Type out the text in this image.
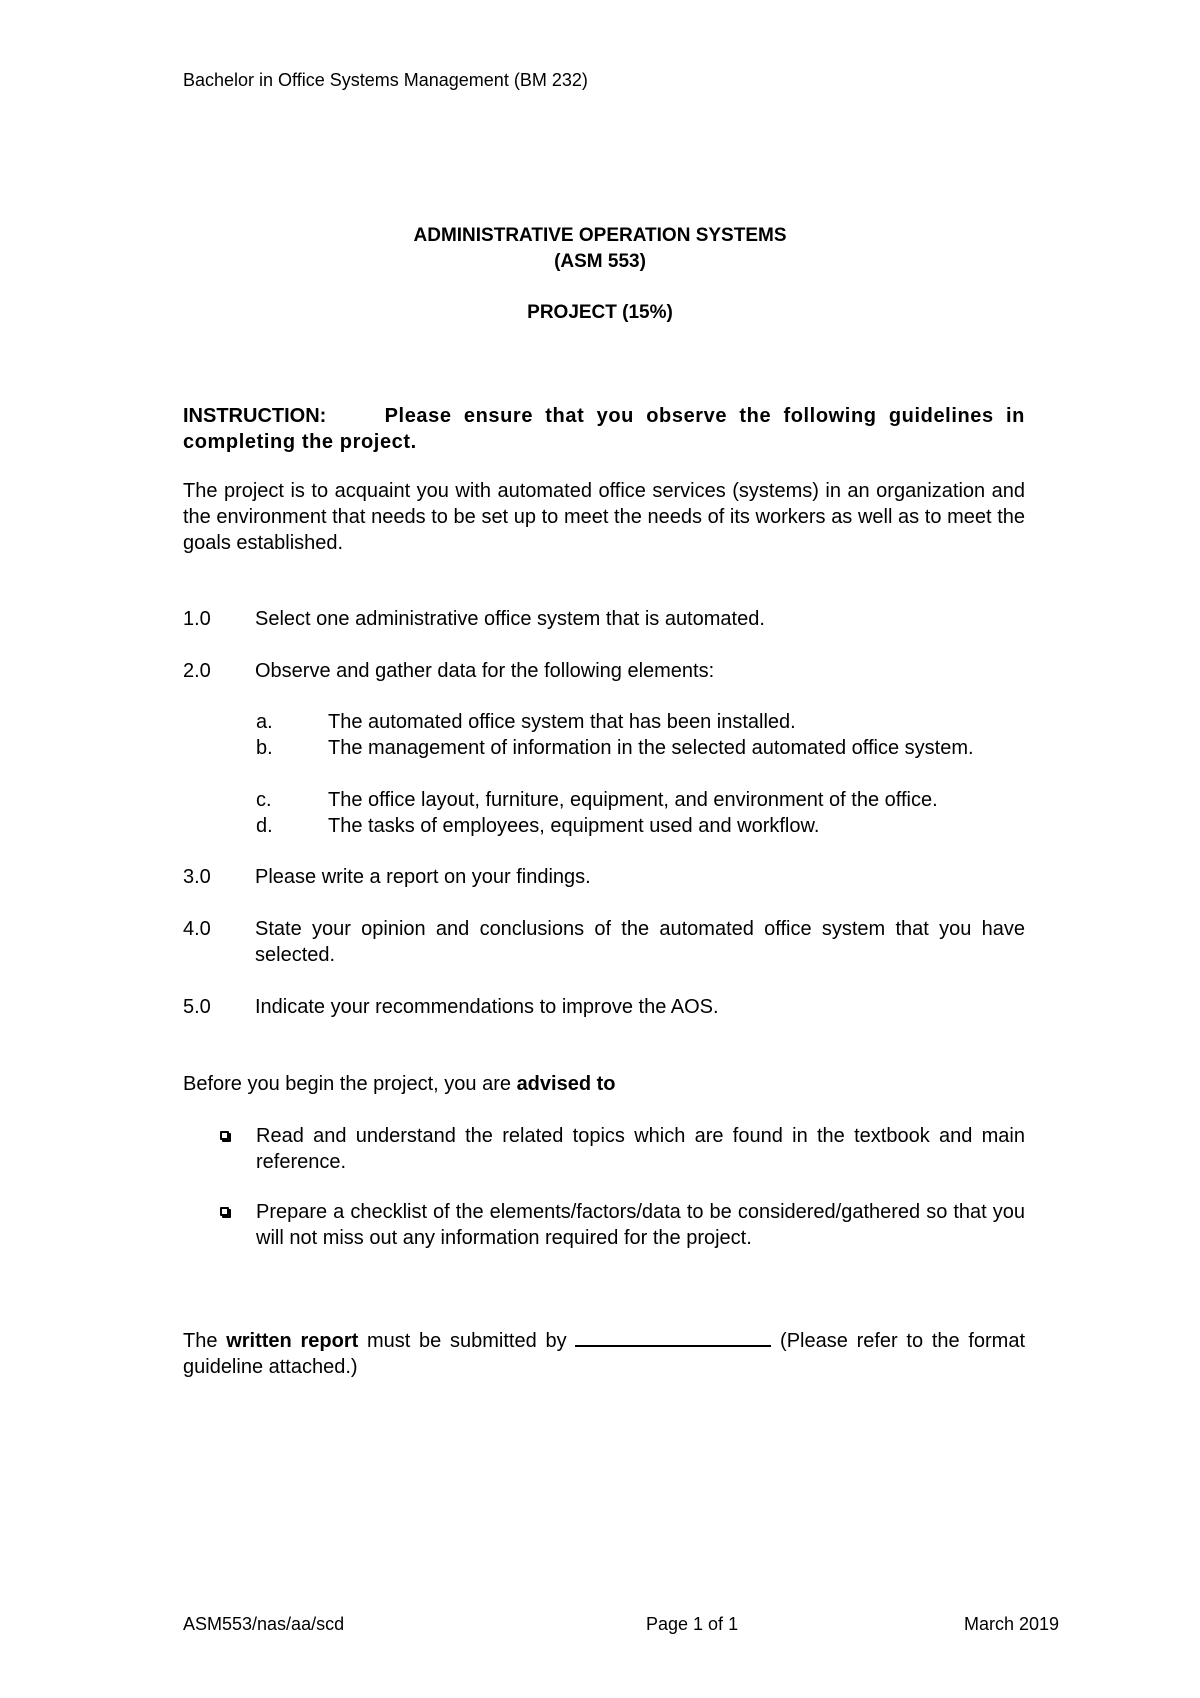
Bachelor in Office Systems Management (BM 232)
ADMINISTRATIVE OPERATION SYSTEMS
(ASM 553)
PROJECT (15%)
INSTRUCTION:	Please ensure that you observe the following guidelines in completing the project.
The project is to acquaint you with automated office services (systems) in an organization and the environment that needs to be set up to meet the needs of its workers as well as to meet the goals established.
1.0	Select one administrative office system that is automated.
2.0	Observe and gather data for the following elements:
a.	The automated office system that has been installed.
b.	The management of information in the selected automated office system.
c.	The office layout, furniture, equipment, and environment of the office.
d.	The tasks of employees, equipment used and workflow.
3.0	Please write a report on your findings.
4.0	State your opinion and conclusions of the automated office system that you have selected.
5.0	Indicate your recommendations to improve the AOS.
Before you begin the project, you are advised to
Read and understand the related topics which are found in the textbook and main reference.
Prepare a checklist of the elements/factors/data to be considered/gathered so that you will not miss out any information required for the project.
The written report must be submitted by	(Please refer to the format guideline attached.)
ASM553/nas/aa/scd	Page 1 of 1	March 2019
